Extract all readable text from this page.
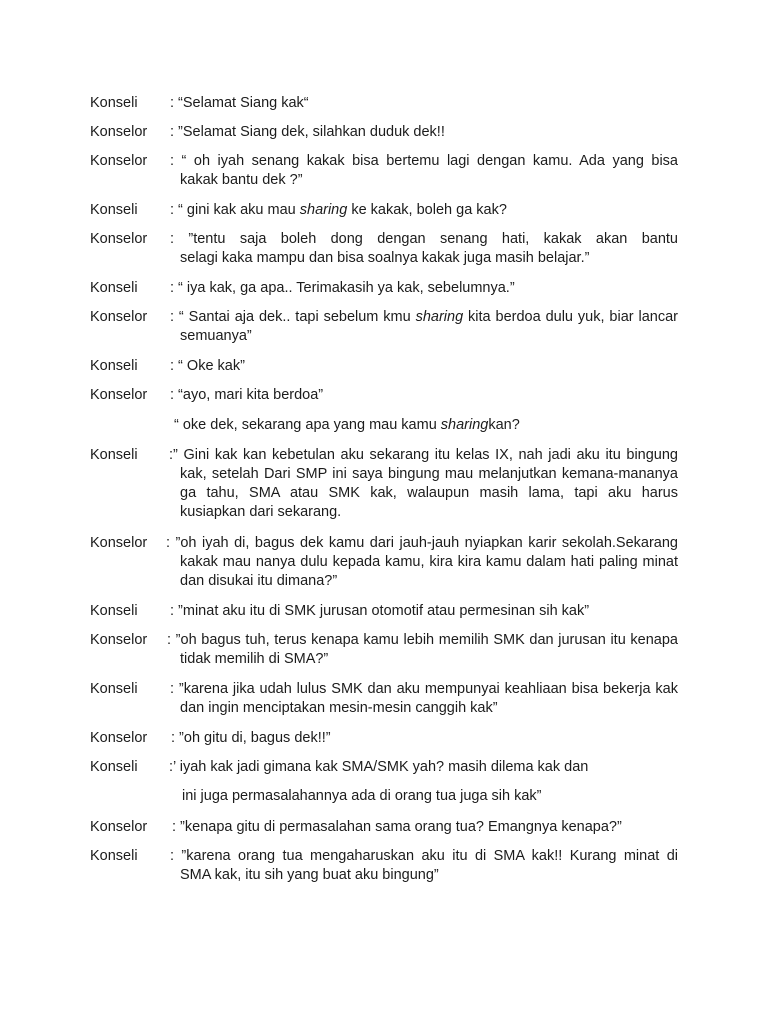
Konseli : “Selamat Siang kak“
Konselor : ”Selamat Siang dek, silahkan duduk dek!!
Konselor : “ oh iyah senang kakak bisa bertemu lagi dengan kamu. Ada yang bisa
kakak bantu dek ?”
Konseli : “ gini kak aku mau sharing ke kakak, boleh ga kak?
Konselor : ”tentu saja boleh dong dengan senang hati, kakak akan bantu
selagi kaka mampu dan bisa soalnya kakak juga masih belajar.”
Konseli : “ iya kak, ga apa.. Terimakasih ya kak, sebelumnya.”
Konselor : “ Santai aja dek.. tapi sebelum kmu sharing kita berdoa dulu yuk, biar lancar
semuanya”
Konseli : “ Oke kak”
Konselor : “ayo, mari kita berdoa”
“ oke dek, sekarang apa yang mau kamu sharingkan?
Konseli :” Gini kak kan kebetulan aku sekarang itu kelas IX, nah jadi aku itu bingung
kak, setelah Dari SMP ini saya bingung mau melanjutkan kemana-mananya
ga tahu, SMA atau SMK kak, walaupun masih lama, tapi aku harus
kusiapkan dari sekarang.
Konselor : ”oh iyah di, bagus dek kamu dari jauh-jauh nyiapkan karir sekolah.Sekarang
kakak mau nanya dulu kepada kamu, kira kira kamu dalam hati paling minat
dan disukai itu dimana?”
Konseli : ”minat aku itu di SMK jurusan otomotif atau permesinan sih kak”
Konselor : ”oh bagus tuh, terus kenapa kamu lebih memilih SMK dan jurusan itu kenapa
tidak memilih di SMA?”
Konseli : ”karena jika udah lulus SMK dan aku mempunyai keahliaan bisa bekerja kak
dan ingin menciptakan mesin-mesin canggih kak”
Konselor : ”oh gitu di, bagus dek!!”
Konseli :’ iyah kak jadi gimana kak SMA/SMK yah? masih dilema kak dan
ini juga permasalahannya ada di orang tua juga sih kak”
Konselor : ”kenapa gitu di permasalahan sama orang tua? Emangnya kenapa?”
Konseli : ”karena orang tua mengaharuskan aku itu di SMA kak!! Kurang minat di
SMA kak, itu sih yang buat aku bingung”
